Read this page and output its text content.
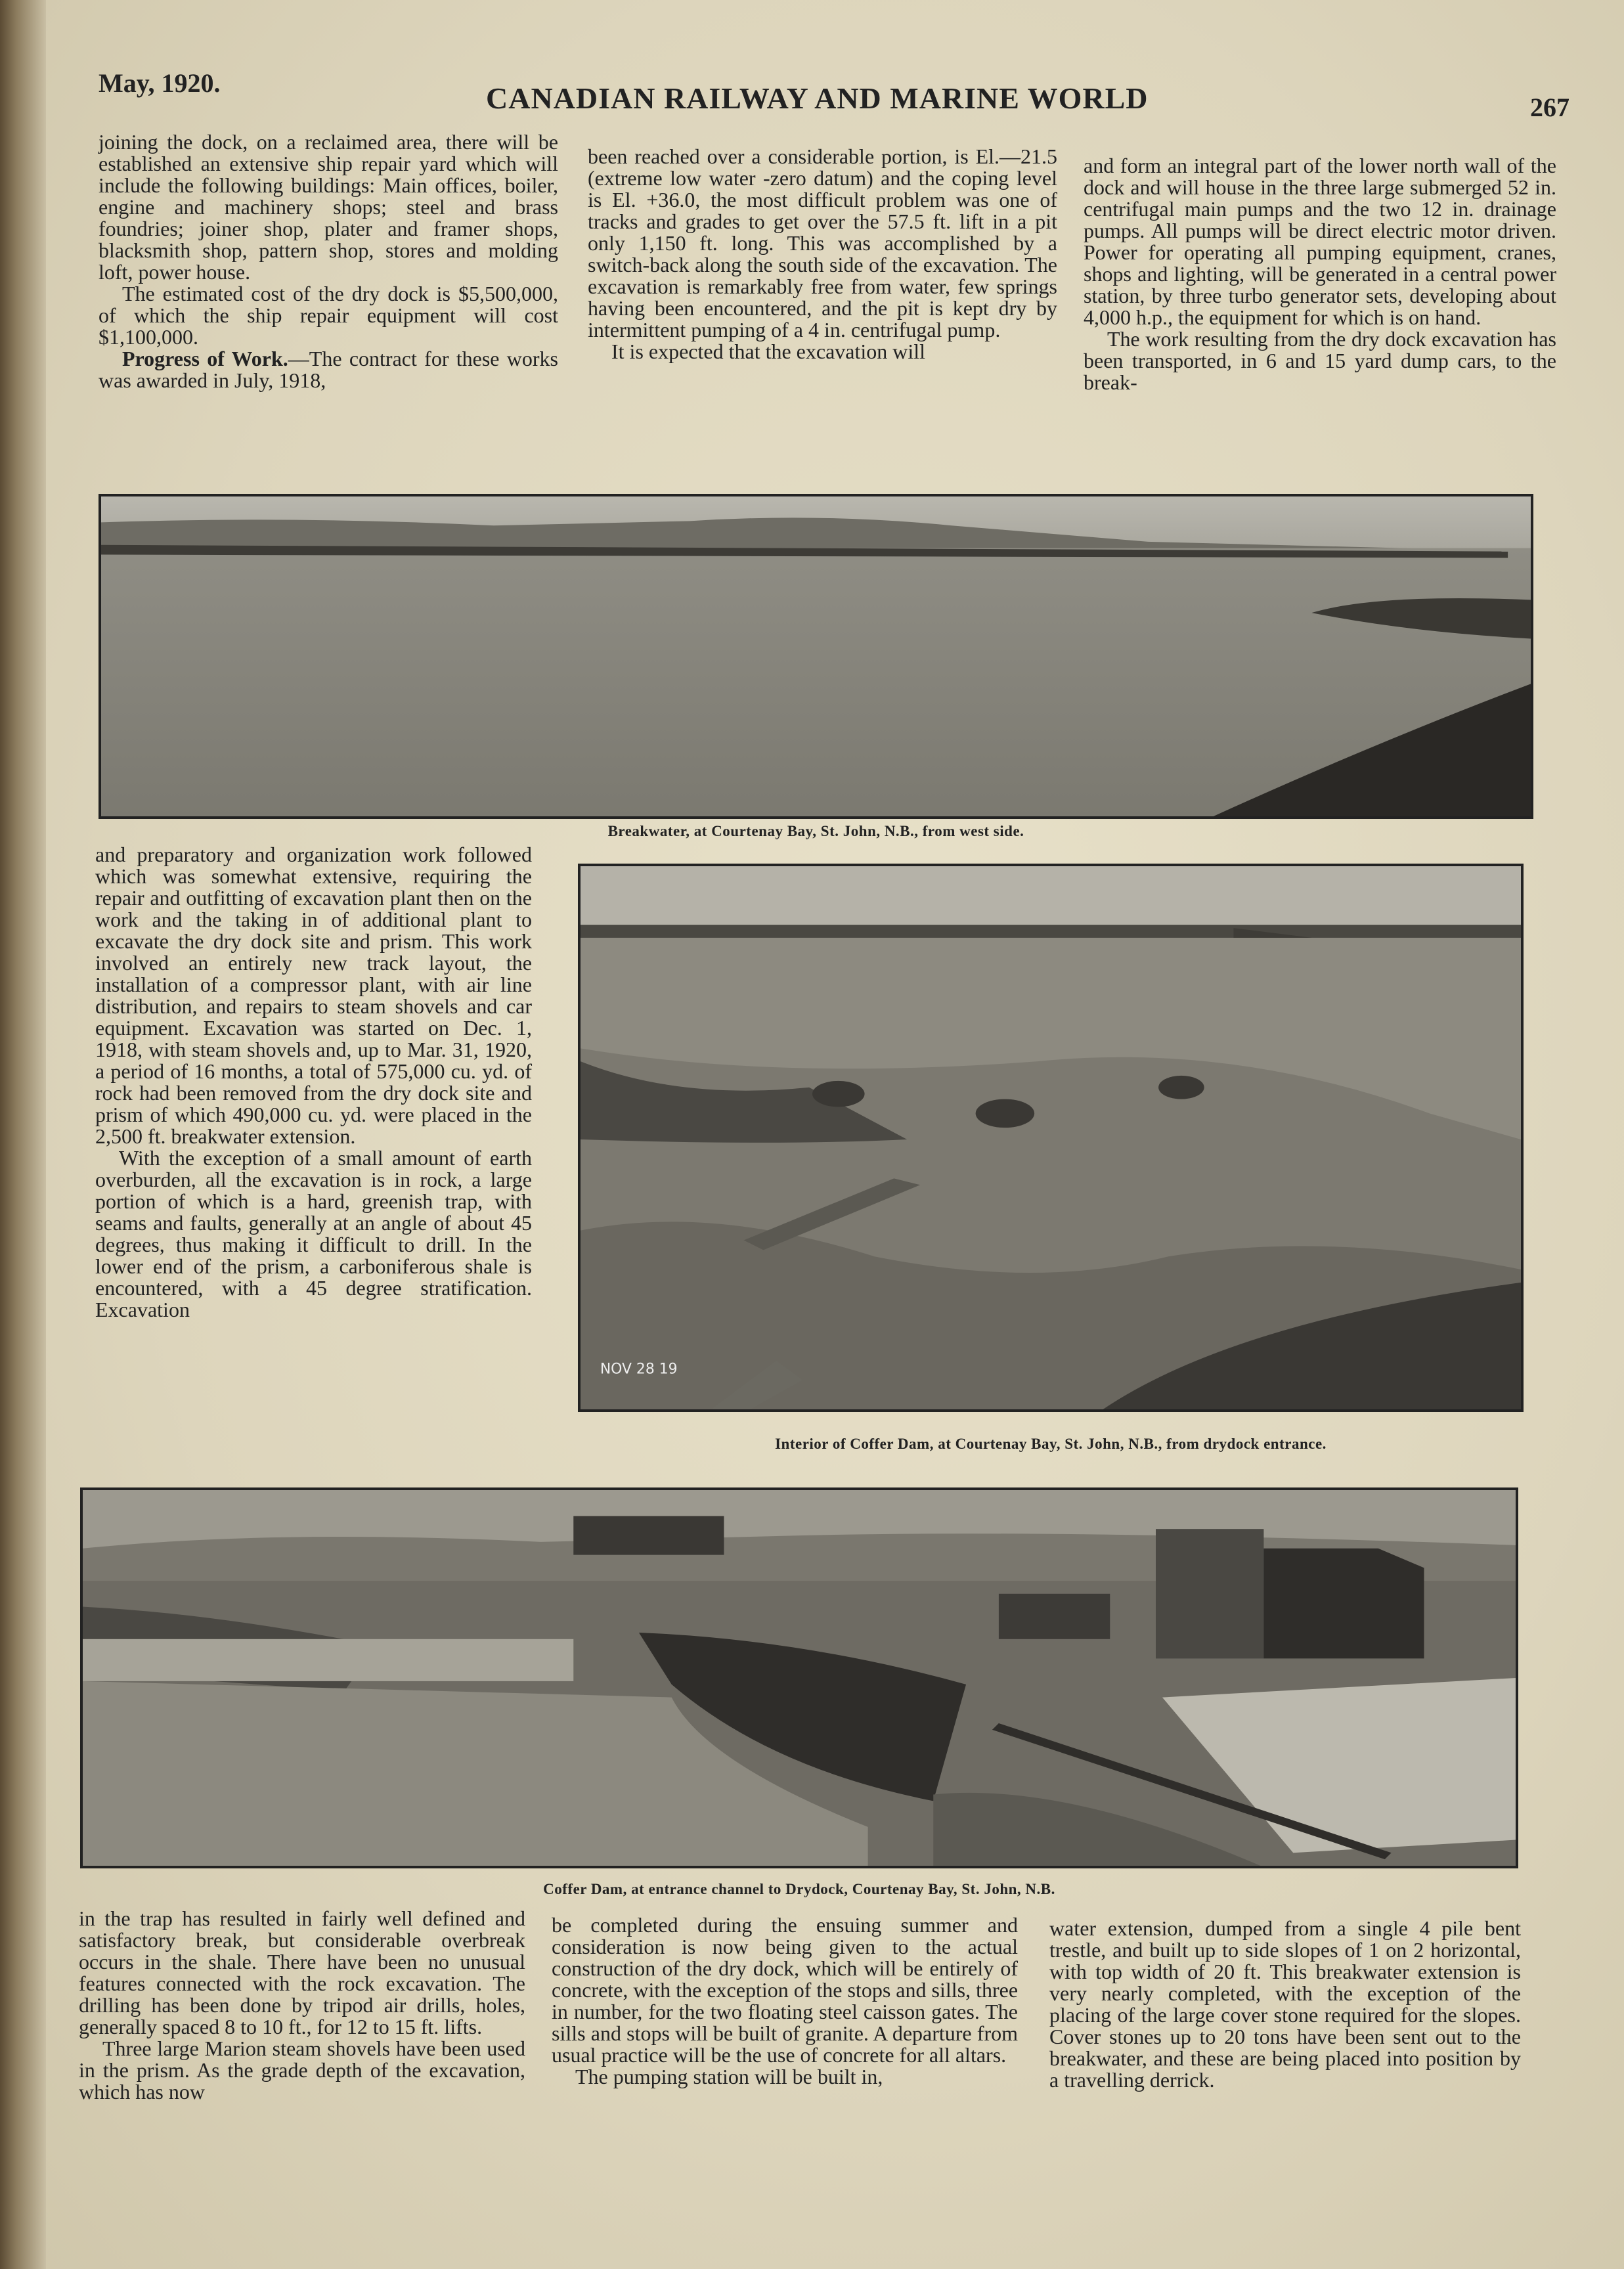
May, 1920.	CANADIAN RAILWAY AND MARINE WORLD	267

joining the dock, on a reclaimed area, there will be established an extensive ship repair yard which will include the following buildings: Main offices, boiler, engine and machinery shops; steel and brass foundries; joiner shop, plater and framer shops, blacksmith shop, pattern shop, stores and molding loft, power house.

The estimated cost of the dry dock is $5,500,000, of which the ship repair equipment will cost $1,100,000.

Progress of Work.—The contract for these works was awarded in July, 1918,

been reached over a considerable portion, is El.—21.5 (extreme low water -zero datum) and the coping level is El. +36.0, the most difficult problem was one of tracks and grades to get over the 57.5 ft. lift in a pit only 1,150 ft. long. This was accomplished by a switch-back along the south side of the excavation. The excavation is remarkably free from water, few springs having been encountered, and the pit is kept dry by intermittent pumping of a 4 in. centrifugal pump.

It is expected that the excavation will

and form an integral part of the lower north wall of the dock and will house in the three large submerged 52 in. centrifugal main pumps and the two 12 in. drainage pumps. All pumps will be direct electric motor driven. Power for operating all pumping equipment, cranes, shops and lighting, will be generated in a central power station, by three turbo generator sets, developing about 4,000 h.p., the equipment for which is on hand.

The work resulting from the dry dock excavation has been transported, in 6 and 15 yard dump cars, to the break-

Breakwater, at Courtenay Bay, St. John, N.B., from west side.

and preparatory and organization work followed which was somewhat extensive, requiring the repair and outfitting of excavation plant then on the work and the taking in of additional plant to excavate the dry dock site and prism. This work involved an entirely new track layout, the installation of a compressor plant, with air line distribution, and repairs to steam shovels and car equipment. Excavation was started on Dec. 1, 1918, with steam shovels and, up to Mar. 31, 1920, a period of 16 months, a total of 575,000 cu. yd. of rock had been removed from the dry dock site and prism of which 490,000 cu. yd. were placed in the 2,500 ft. breakwater extension.

With the exception of a small amount of earth overburden, all the excavation is in rock, a large portion of which is a hard, greenish trap, with seams and faults, generally at an angle of about 45 degrees, thus making it difficult to drill. In the lower end of the prism, a carboniferous shale is encountered, with a 45 degree stratification. Excavation

NOV 28 19
Interior of Coffer Dam, at Courtenay Bay, St. John, N.B., from drydock entrance.
Coffer Dam, at entrance channel to Drydock, Courtenay Bay, St. John, N.B.

in the trap has resulted in fairly well defined and satisfactory break, but considerable overbreak occurs in the shale. There have been no unusual features connected with the rock excavation. The drilling has been done by tripod air drills, holes, generally spaced 8 to 10 ft., for 12 to 15 ft. lifts.

Three large Marion steam shovels have been used in the prism. As the grade depth of the excavation, which has now

be completed during the ensuing summer and consideration is now being given to the actual construction of the dry dock, which will be entirely of concrete, with the exception of the stops and sills, three in number, for the two floating steel caisson gates. The sills and stops will be built of granite. A departure from usual practice will be the use of concrete for all altars.

The pumping station will be built in,

water extension, dumped from a single 4 pile bent trestle, and built up to side slopes of 1 on 2 horizontal, with top width of 20 ft. This breakwater extension is very nearly completed, with the exception of the placing of the large cover stone required for the slopes. Cover stones up to 20 tons have been sent out to the breakwater, and these are being placed into position by a travelling derrick.
